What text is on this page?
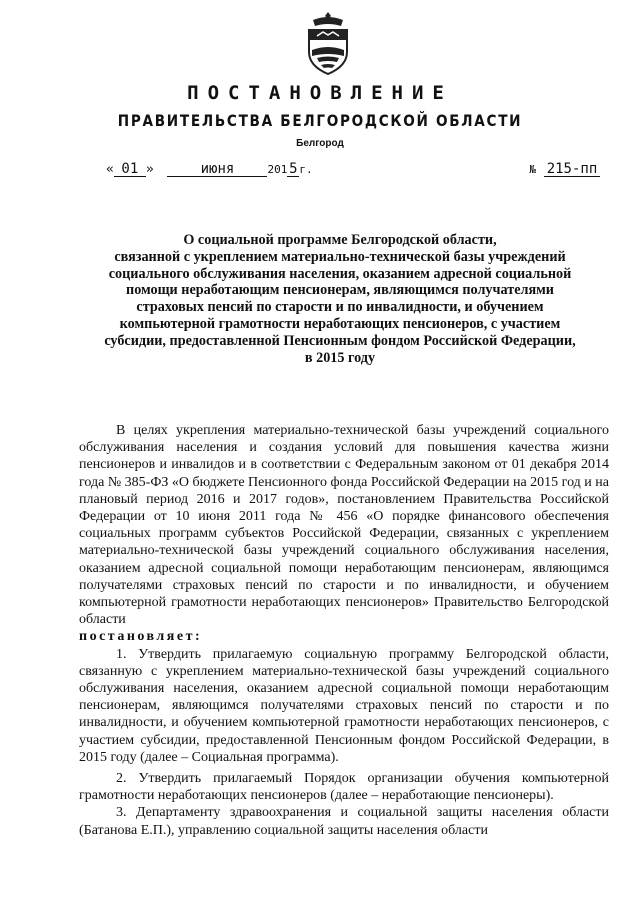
ПОСТАНОВЛЕНИЕ
ПРАВИТЕЛЬСТВА БЕЛГОРОДСКОЙ ОБЛАСТИ
Белгород
« 01 »	июня	201 5 г.	№ 215-пп
О социальной программе Белгородской области,
связанной с укреплением материально-технической базы учреждений
социального обслуживания населения, оказанием адресной социальной
помощи неработающим пенсионерам, являющимся получателями
страховых пенсий по старости и по инвалидности, и обучением
компьютерной грамотности неработающих пенсионеров, с участием
субсидии, предоставленной Пенсионным фондом Российской Федерации,
в 2015 году

В целях укрепления материально-технической базы учреждений социального обслуживания населения и создания условий для повышения качества жизни пенсионеров и инвалидов и в соответствии с Федеральным законом от 01 декабря 2014 года № 385-ФЗ «О бюджете Пенсионного фонда Российской Федерации на 2015 год и на плановый период 2016 и 2017 годов», постановлением Правительства Российской Федерации от 10 июня 2011 года № 456 «О порядке финансового обеспечения социальных программ субъектов Российской Федерации, связанных с укреплением материально-технической базы учреждений социального обслуживания населения, оказанием адресной социальной помощи неработающим пенсионерам, являющимся получателями страховых пенсий по старости и по инвалидности, и обучением компьютерной грамотности неработающих пенсионеров» Правительство Белгородской области

постановляет:

1. Утвердить прилагаемую социальную программу Белгородской области, связанную с укреплением материально-технической базы учреждений социального обслуживания населения, оказанием адресной социальной помощи неработающим пенсионерам, являющимся получателями страховых пенсий по старости и по инвалидности, и обучением компьютерной грамотности неработающих пенсионеров, с участием субсидии, предоставленной Пенсионным фондом Российской Федерации, в 2015 году (далее – Социальная программа).

2. Утвердить прилагаемый Порядок организации обучения компьютерной грамотности неработающих пенсионеров (далее – неработающие пенсионеры).

3. Департаменту здравоохранения и социальной защиты населения области (Батанова Е.П.), управлению социальной защиты населения области
